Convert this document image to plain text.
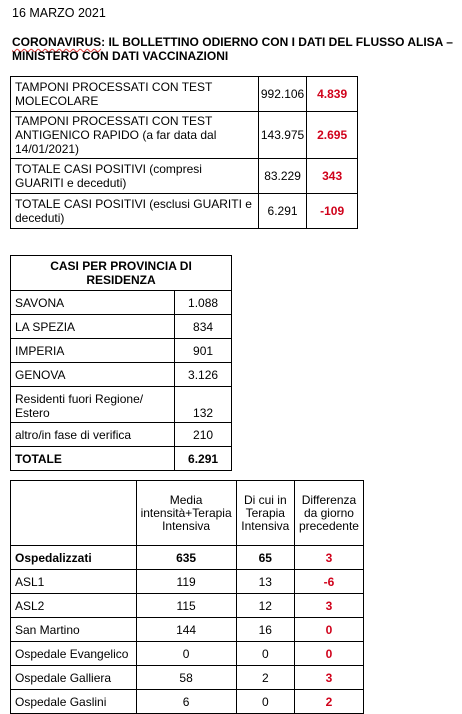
16 MARZO 2021
CORONAVIRUS: IL BOLLETTINO ODIERNO CON I DATI DEL FLUSSO ALISA – MINISTERO CON DATI VACCINAZIONI
TAMPONI PROCESSATI CON TEST MOLECOLARE	992.106	4.839
TAMPONI PROCESSATI CON TEST ANTIGENICO RAPIDO (a far data dal 14/01/2021)	143.975	2.695
TOTALE CASI POSITIVI (compresi GUARITI e deceduti)	83.229	343
TOTALE CASI POSITIVI (esclusi GUARITI e deceduti)	6.291	-109
CASI PER PROVINCIA DI RESIDENZA	
SAVONA	1.088
LA SPEZIA	834
IMPERIA	901
GENOVA	3.126
Residenti fuori Regione/ Estero	132
altro/in fase di verifica	210
TOTALE	6.291
	Media intensità+Terapia Intensiva	Di cui in Terapia Intensiva	Differenza da giorno precedente
Ospedalizzati	635	65	3
ASL1	119	13	-6
ASL2	115	12	3
San Martino	144	16	0
Ospedale Evangelico	0	0	0
Ospedale Galliera	58	2	3
Ospedale Gaslini	6	0	2
